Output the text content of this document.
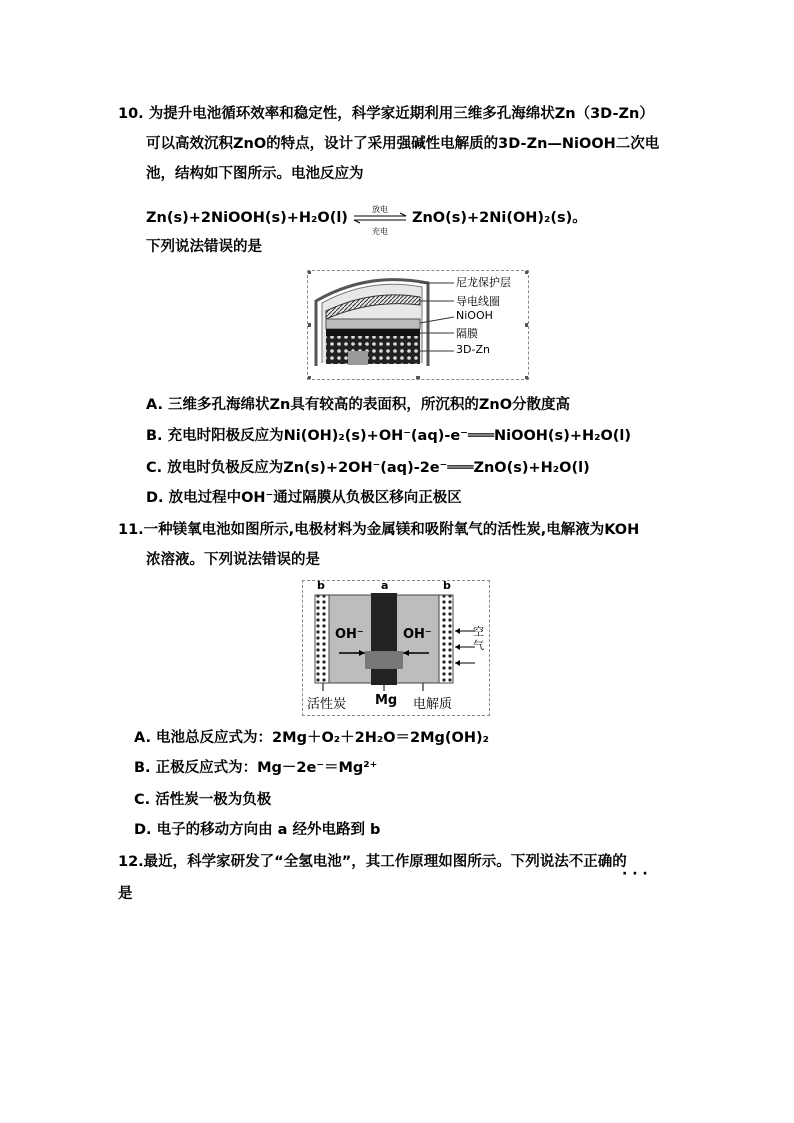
10. 为提升电池循环效率和稳定性，科学家近期利用三维多孔海绵状Zn（3D-Zn）
可以高效沉积ZnO的特点，设计了采用强碱性电解质的3D-Zn—NiOOH二次电
池，结构如下图所示。电池反应为
Zn(s)+2NiOOH(s)+H₂O(l)
放电
充电
ZnO(s)+2Ni(OH)₂(s)。
下列说法错误的是
尼龙保护层
导电线圈
NiOOH
隔膜
3D-Zn
A. 三维多孔海绵状Zn具有较高的表面积，所沉积的ZnO分散度高
B. 充电时阳极反应为Ni(OH)₂(s)+OH⁻(aq)-e⁻═══NiOOH(s)+H₂O(l)
C. 放电时负极反应为Zn(s)+2OH⁻(aq)-2e⁻═══ZnO(s)+H₂O(l)
D. 放电过程中OH⁻通过隔膜从负极区移向正极区
11.一种镁氧电池如图所示,电极材料为金属镁和吸附氧气的活性炭,电解液为KOH
浓溶液。下列说法错误的是
b	a	b
OH⁻	OH⁻	空气
活性炭 Mg 电解质
A. 电池总反应式为：2Mg＋O₂＋2H₂O＝2Mg(OH)₂
B. 正极反应式为：Mg－2e⁻＝Mg²⁺
C. 活性炭一极为负极
D. 电子的移动方向由 a 经外电路到 b
12.最近，科学家研发了“全氢电池”，其工作原理如图所示。下列说法不正确的
· · ·
是
